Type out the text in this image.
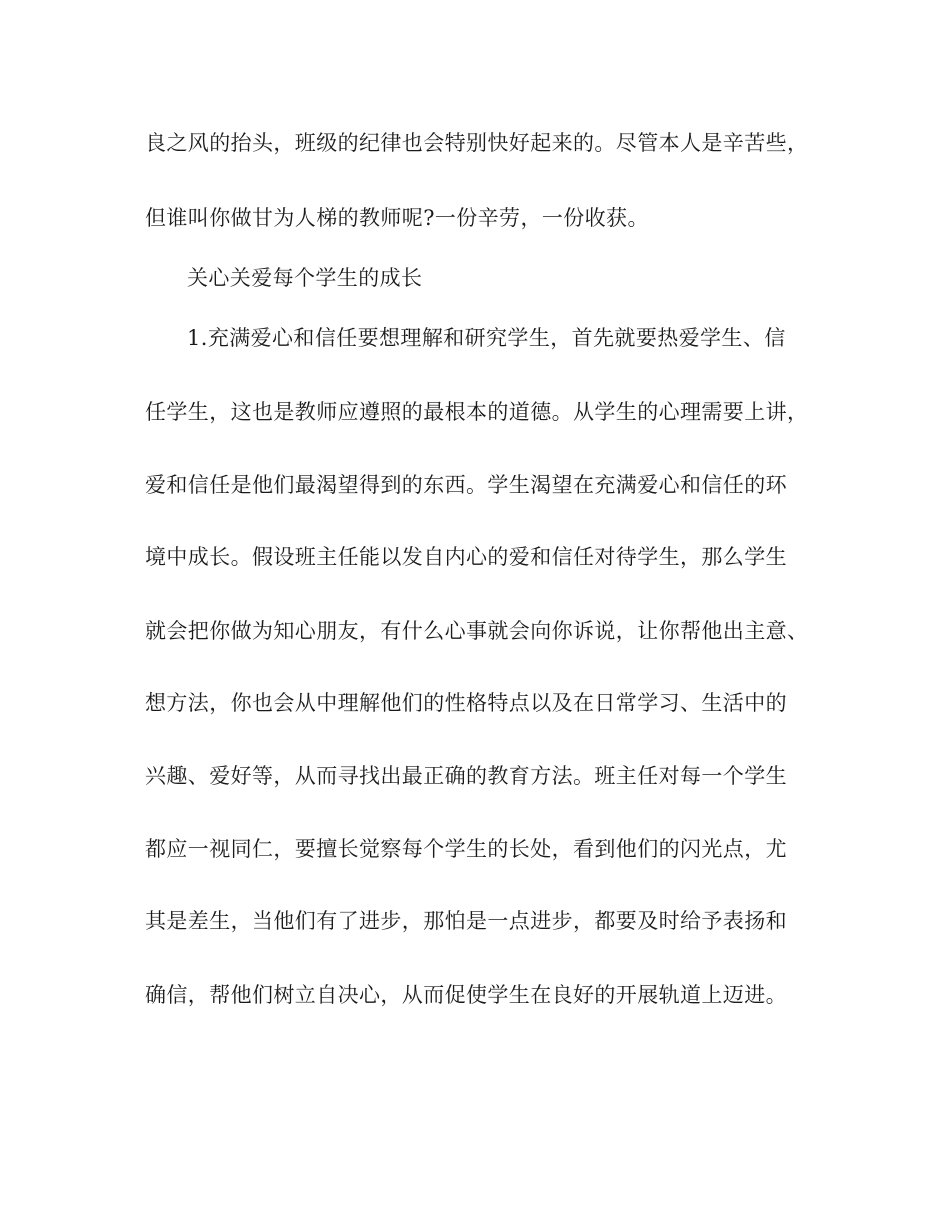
良之风的抬头，班级的纪律也会特别快好起来的。尽管本人是辛苦些，
但谁叫你做甘为人梯的教师呢?一份辛劳，一份收获。
关心关爱每个学生的成长
1.充满爱心和信任要想理解和研究学生，首先就要热爱学生、信
任学生，这也是教师应遵照的最根本的道德。从学生的心理需要上讲，
爱和信任是他们最渴望得到的东西。学生渴望在充满爱心和信任的环
境中成长。假设班主任能以发自内心的爱和信任对待学生，那么学生
就会把你做为知心朋友，有什么心事就会向你诉说，让你帮他出主意、
想方法，你也会从中理解他们的性格特点以及在日常学习、生活中的
兴趣、爱好等，从而寻找出最正确的教育方法。班主任对每一个学生
都应一视同仁，要擅长觉察每个学生的长处，看到他们的闪光点，尤
其是差生，当他们有了进步，那怕是一点进步，都要及时给予表扬和
确信，帮他们树立自决心，从而促使学生在良好的开展轨道上迈进。
